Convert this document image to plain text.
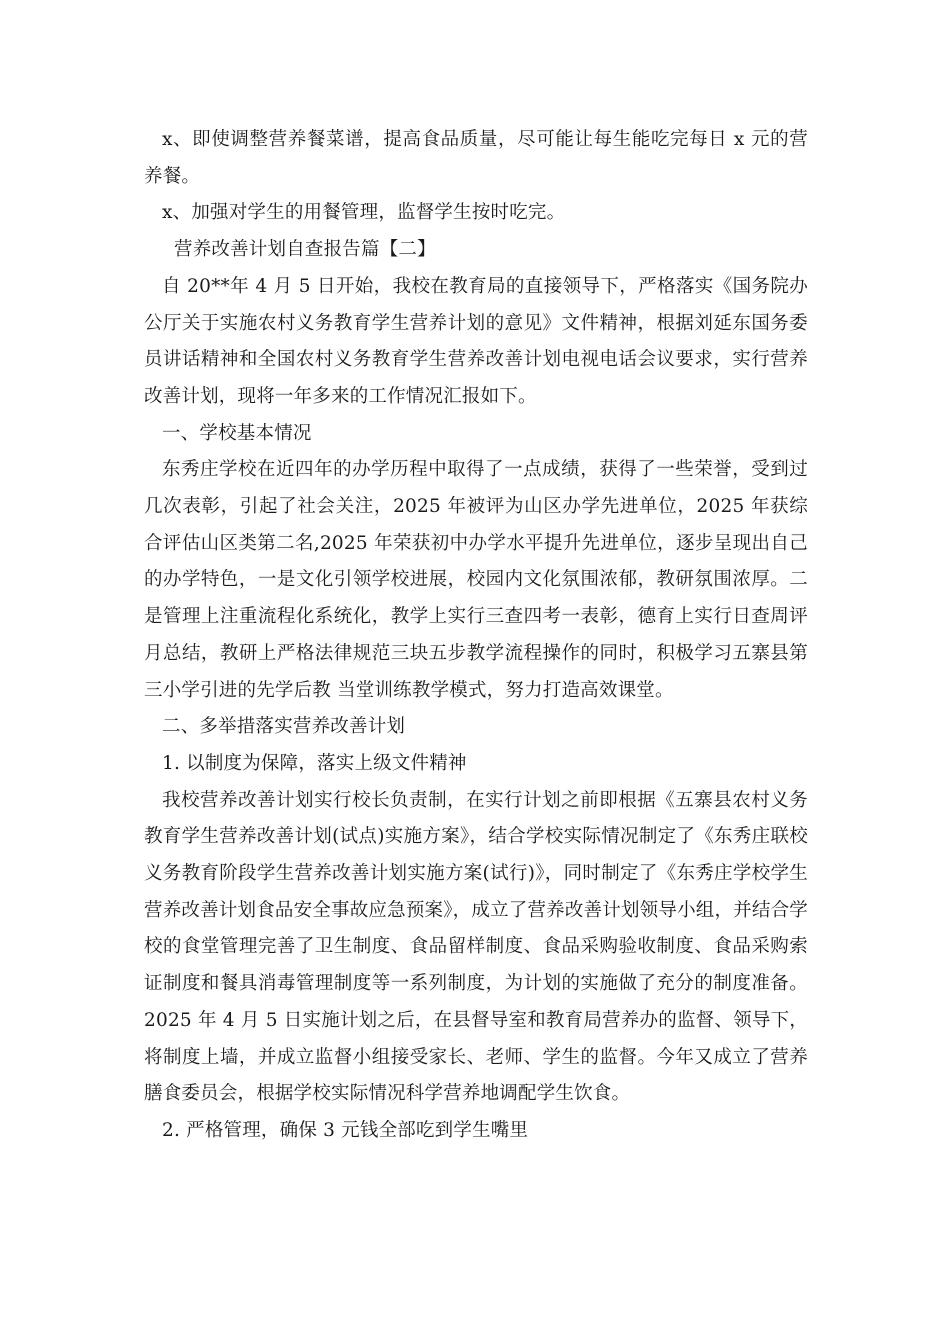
x、即使调整营养餐菜谱，提高食品质量，尽可能让每生能吃完每日 x 元的营养餐。

x、加强对学生的用餐管理，监督学生按时吃完。

营养改善计划自查报告篇【二】

自 20**年 4 月 5 日开始，我校在教育局的直接领导下，严格落实《国务院办公厅关于实施农村义务教育学生营养计划的意见》文件精神，根据刘延东国务委员讲话精神和全国农村义务教育学生营养改善计划电视电话会议要求，实行营养改善计划，现将一年多来的工作情况汇报如下。

一、学校基本情况

东秀庄学校在近四年的办学历程中取得了一点成绩，获得了一些荣誉，受到过几次表彰，引起了社会关注，2025 年被评为山区办学先进单位，2025 年获综合评估山区类第二名,2025 年荣获初中办学水平提升先进单位，逐步呈现出自己的办学特色，一是文化引领学校进展，校园内文化氛围浓郁，教研氛围浓厚。二是管理上注重流程化系统化，教学上实行三查四考一表彰，德育上实行日查周评月总结，教研上严格法律规范三块五步教学流程操作的同时，积极学习五寨县第三小学引进的先学后教 当堂训练教学模式，努力打造高效课堂。

二、多举措落实营养改善计划

1. 以制度为保障，落实上级文件精神

我校营养改善计划实行校长负责制，在实行计划之前即根据《五寨县农村义务教育学生营养改善计划(试点)实施方案》，结合学校实际情况制定了《东秀庄联校义务教育阶段学生营养改善计划实施方案(试行)》，同时制定了《东秀庄学校学生营养改善计划食品安全事故应急预案》，成立了营养改善计划领导小组，并结合学校的食堂管理完善了卫生制度、食品留样制度、食品采购验收制度、食品采购索证制度和餐具消毒管理制度等一系列制度，为计划的实施做了充分的制度准备。2025 年 4 月 5 日实施计划之后，在县督导室和教育局营养办的监督、领导下，将制度上墙，并成立监督小组接受家长、老师、学生的监督。今年又成立了营养膳食委员会，根据学校实际情况科学营养地调配学生饮食。

2. 严格管理，确保 3 元钱全部吃到学生嘴里
